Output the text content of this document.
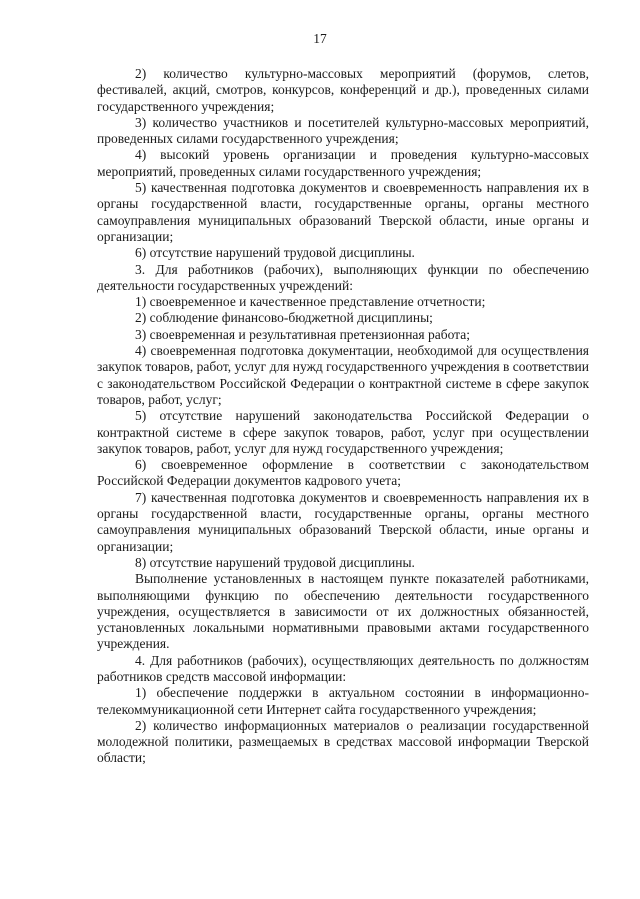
17

2) количество культурно-массовых мероприятий (форумов, слетов, фестивалей, акций, смотров, конкурсов, конференций и др.), проведенных силами государственного учреждения;

3) количество участников и посетителей культурно-массовых мероприятий, проведенных силами государственного учреждения;

4) высокий уровень организации и проведения культурно-массовых мероприятий, проведенных силами государственного учреждения;

5) качественная подготовка документов и своевременность направления их в органы государственной власти, государственные органы, органы местного самоуправления муниципальных образований Тверской области, иные органы и организации;

6) отсутствие нарушений трудовой дисциплины.

3. Для работников (рабочих), выполняющих функции по обеспечению деятельности государственных учреждений:

1) своевременное и качественное представление отчетности;

2) соблюдение финансово-бюджетной дисциплины;

3) своевременная и результативная претензионная работа;

4) своевременная подготовка документации, необходимой для осуществления закупок товаров, работ, услуг для нужд государственного учреждения в соответствии с законодательством Российской Федерации о контрактной системе в сфере закупок товаров, работ, услуг;

5) отсутствие нарушений законодательства Российской Федерации о контрактной системе в сфере закупок товаров, работ, услуг при осуществлении закупок товаров, работ, услуг для нужд государственного учреждения;

6) своевременное оформление в соответствии с законодательством Российской Федерации документов кадрового учета;

7) качественная подготовка документов и своевременность направления их в органы государственной власти, государственные органы, органы местного самоуправления муниципальных образований Тверской области, иные органы и организации;

8) отсутствие нарушений трудовой дисциплины.

Выполнение установленных в настоящем пункте показателей работниками, выполняющими функцию по обеспечению деятельности государственного учреждения, осуществляется в зависимости от их должностных обязанностей, установленных локальными нормативными правовыми актами государственного учреждения.

4. Для работников (рабочих), осуществляющих деятельность по должностям работников средств массовой информации:

1) обеспечение поддержки в актуальном состоянии в информационно-телекоммуникационной сети Интернет сайта государственного учреждения;

2) количество информационных материалов о реализации государственной молодежной политики, размещаемых в средствах массовой информации Тверской области;
